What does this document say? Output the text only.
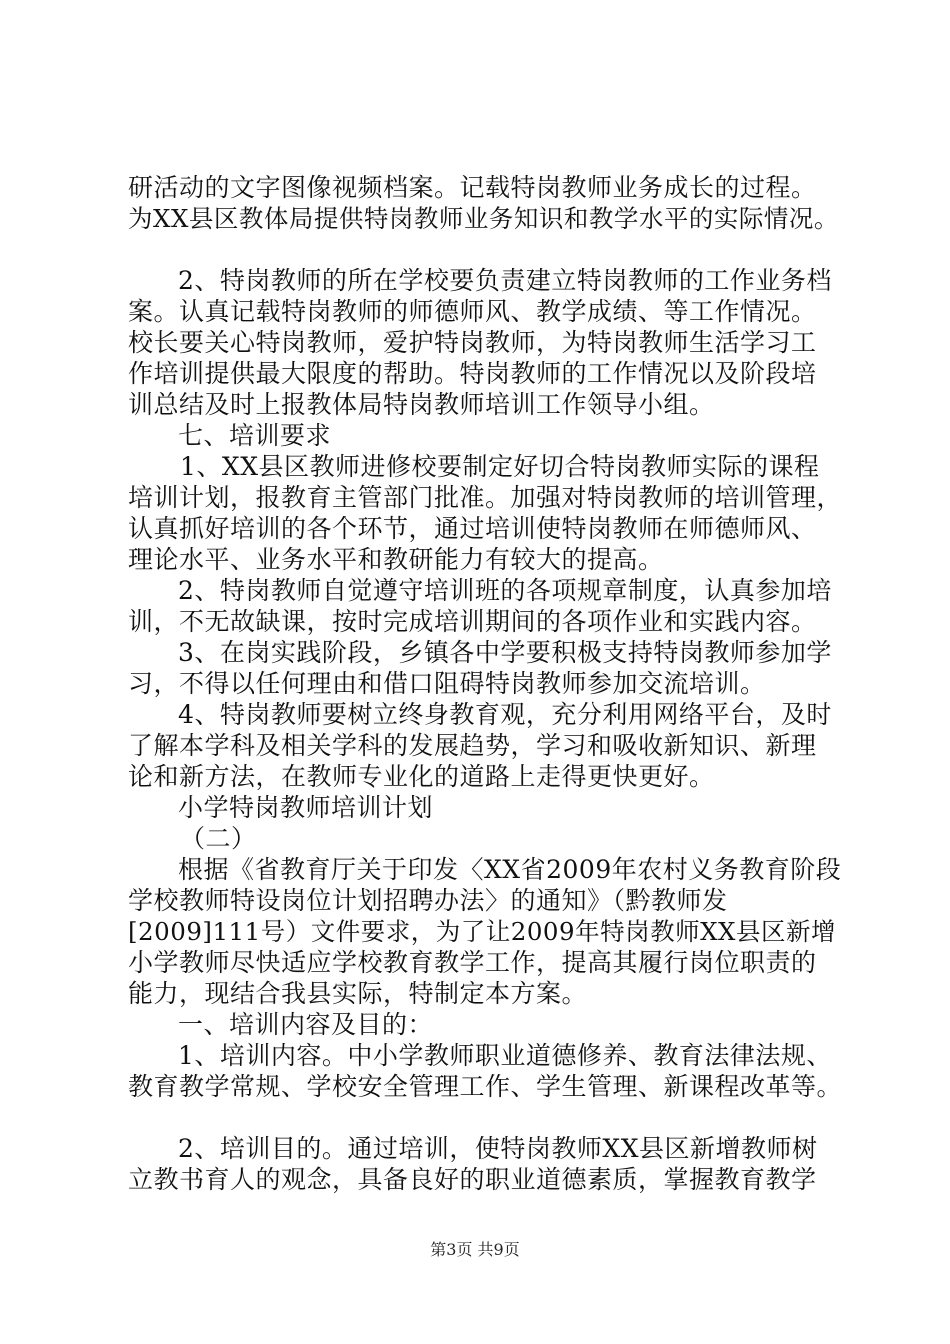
研活动的文字图像视频档案。记载特岗教师业务成长的过程。
为XX县区教体局提供特岗教师业务知识和教学水平的实际情况。
2、特岗教师的所在学校要负责建立特岗教师的工作业务档
案。认真记载特岗教师的师德师风、教学成绩、等工作情况。
校长要关心特岗教师，爱护特岗教师，为特岗教师生活学习工
作培训提供最大限度的帮助。特岗教师的工作情况以及阶段培
训总结及时上报教体局特岗教师培训工作领导小组。
七、培训要求
1、XX县区教师进修校要制定好切合特岗教师实际的课程
培训计划，报教育主管部门批准。加强对特岗教师的培训管理，
认真抓好培训的各个环节，通过培训使特岗教师在师德师风、
理论水平、业务水平和教研能力有较大的提高。
2、特岗教师自觉遵守培训班的各项规章制度，认真参加培
训，不无故缺课，按时完成培训期间的各项作业和实践内容。
3、在岗实践阶段，乡镇各中学要积极支持特岗教师参加学
习，不得以任何理由和借口阻碍特岗教师参加交流培训。
4、特岗教师要树立终身教育观，充分利用网络平台，及时
了解本学科及相关学科的发展趋势，学习和吸收新知识、新理
论和新方法，在教师专业化的道路上走得更快更好。
小学特岗教师培训计划
（二）
根据《省教育厅关于印发〈XX省2009年农村义务教育阶段
学校教师特设岗位计划招聘办法〉的通知》（黔教师发
[2009]111号）文件要求，为了让2009年特岗教师XX县区新增
小学教师尽快适应学校教育教学工作，提高其履行岗位职责的
能力，现结合我县实际，特制定本方案。
一、培训内容及目的：
1、培训内容。中小学教师职业道德修养、教育法律法规、
教育教学常规、学校安全管理工作、学生管理、新课程改革等。
2、培训目的。通过培训，使特岗教师XX县区新增教师树
立教书育人的观念，具备良好的职业道德素质，掌握教育教学
第3页 共9页
